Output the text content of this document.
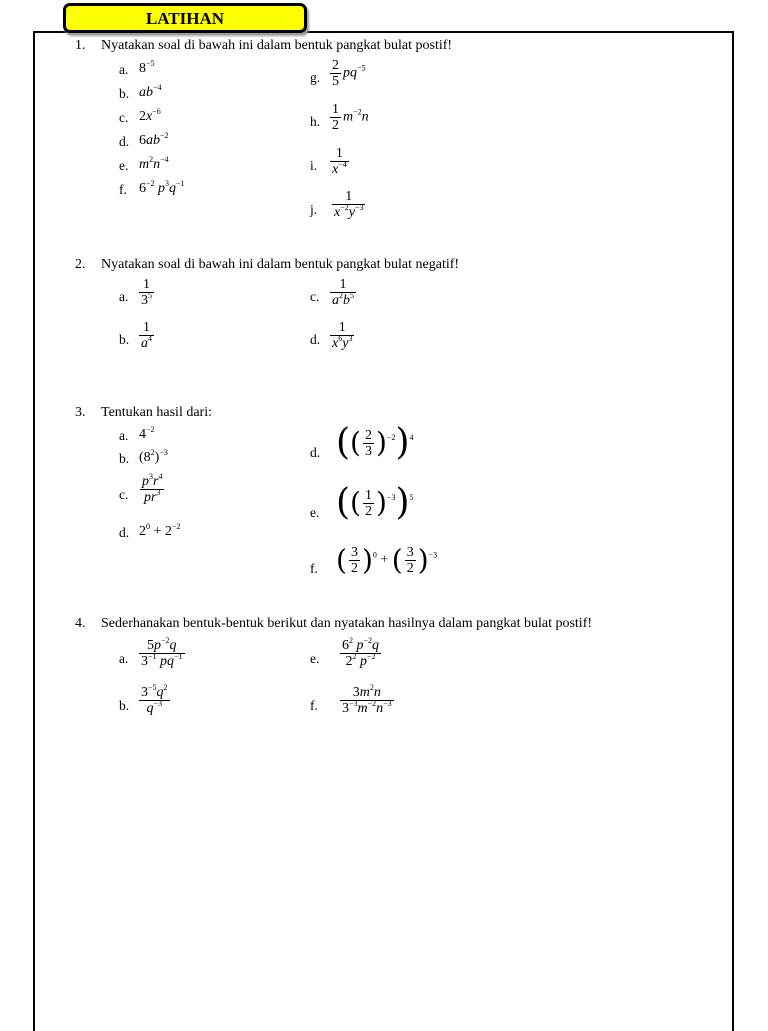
LATIHAN
1. Nyatakan soal di bawah ini dalam bentuk pangkat bulat postif!
a. $8^{-5}$
b. $ab^{-4}$
c. $2x^{-6}$
d. $6ab^{-2}$
e. $m^2n^{-4}$
f. $6^{-2}$ $p^3q^{-1}$
g. $\frac{2}{5} pq^{-5}$
h. $\frac{1}{2} m^{-2}n$
i. $\frac{1}{x^{-4}}$
j. $\frac{1}{x^{-2}y^{-3}}$
2. Nyatakan soal di bawah ini dalam bentuk pangkat bulat negatif!
a. $\frac{1}{3^5}$
b. $\frac{1}{a^4}$
c. $\frac{1}{a^2b^5}$
d. $\frac{1}{x^6y^3}$
3. Tentukan hasil dari:
a. $4^{-2}$
b. $(8^2)^{-3}$
c. $\frac{p^3r^4}{pr^3}$
d. $2^0 + 2^{-2}$
d. (( $\frac{2}{3} )^{-2})^4$
e. (( $\frac{1}{2} )^{-3})^5$
f. ( $\frac{3}{2} )^0$ + ( $\frac{3}{2} )^{-3}$
4. Sederhanakan bentuk-bentuk berikut dan nyatakan hasilnya dalam pangkat bulat postif!
a. $\frac{5p^{-2}q}{3^{-1} pq^{-1}}$
b. $\frac{3^{-5}q^2}{q^{-3}}$
e. $\frac{6^2 p^{-2}q}{2^2 p^{-2}}$
f. $\frac{3m^2n}{3^{-3}m^{-2}n^{-3}}$
